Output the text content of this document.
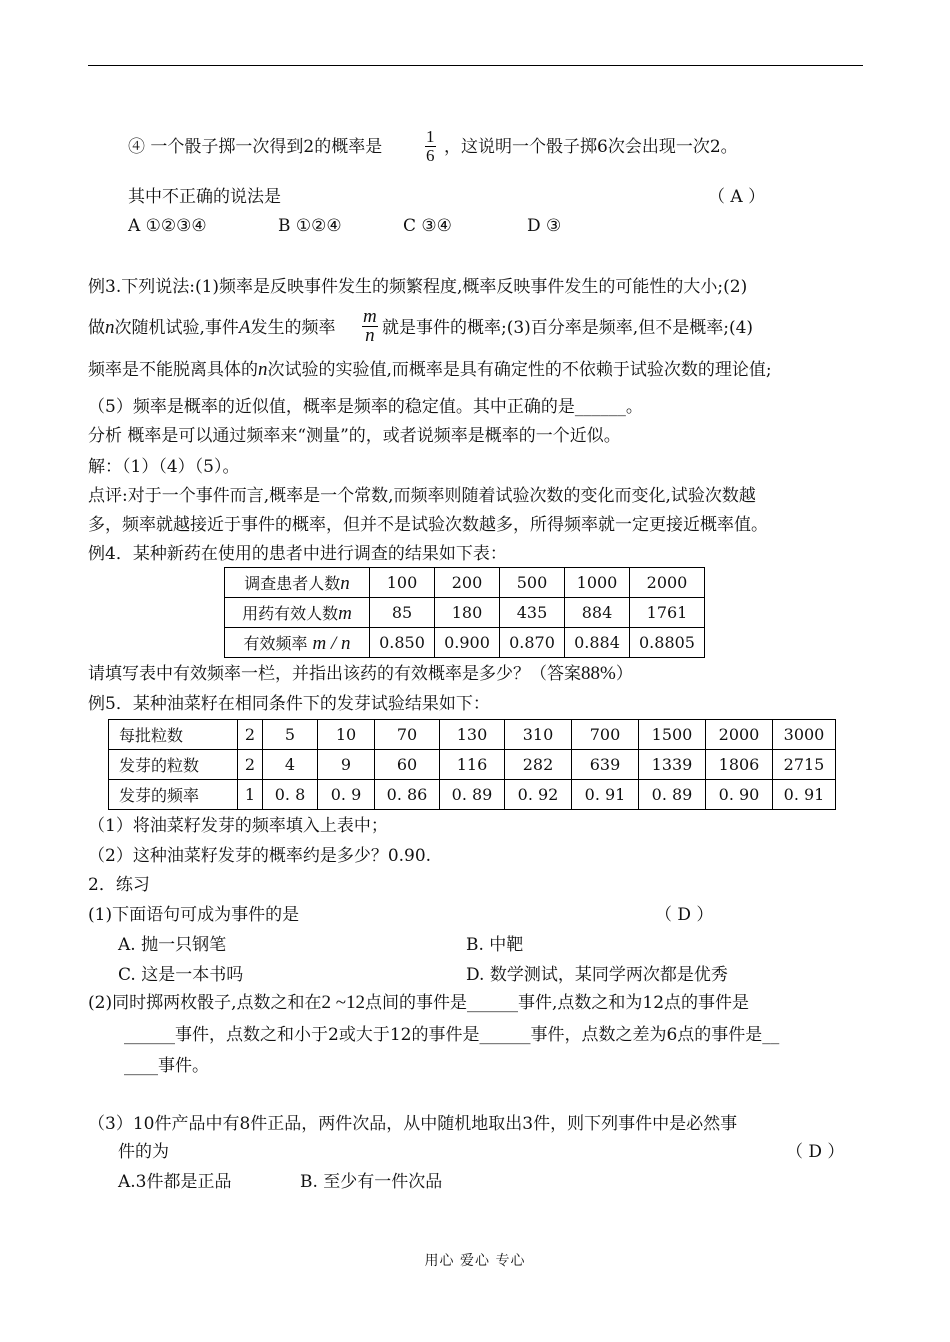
④ 一个骰子掷一次得到2的概率是	$\frac{1}{6}$ ，这说明一个骰子掷6次会出现一次2。
其中不正确的说法是	（ A ）
A ①②③④	B ①②④	C ③④	D ③
例3.下列说法:(1)频率是反映事件发生的频繁程度,概率反映事件发生的可能性的大小;(2)
做n次随机试验,事件A发生的频率 $\frac{m}{n}$ 就是事件的概率;(3)百分率是频率,但不是概率;(4)
频率是不能脱离具体的n次试验的实验值,而概率是具有确定性的不依赖于试验次数的理论值;
（5）频率是概率的近似值，概率是频率的稳定值。其中正确的是______。
分析 概率是可以通过频率来“测量”的，或者说频率是概率的一个近似。
解：（1）（4）（5）。
点评:对于一个事件而言,概率是一个常数,而频率则随着试验次数的变化而变化,试验次数越
多，频率就越接近于事件的概率，但并不是试验次数越多，所得频率就一定更接近概率值。
例4．某种新药在使用的患者中进行调查的结果如下表：
调查患者人数n	100	200	500	1000	2000
用药有效人数m	85	180	435	884	1761
有效频率 m / n	0.850	0.900	0.870	0.884	0.8805
请填写表中有效频率一栏，并指出该药的有效概率是多少？（答案88%）
例5．某种油菜籽在相同条件下的发芽试验结果如下：
每批粒数	2	5	10	70	130	310	700	1500	2000	3000
发芽的粒数	2	4	9	60	116	282	639	1339	1806	2715
发芽的频率	1	0. 8	0. 9	0. 86	0. 89	0. 92	0. 91	0. 89	0. 90	0. 91
（1）将油菜籽发芽的频率填入上表中；
（2）这种油菜籽发芽的概率约是多少？0.90.
2．练习
(1)下面语句可成为事件的是	（ D ）
A. 抛一只钢笔	B. 中靶
C. 这是一本书吗	D. 数学测试，某同学两次都是优秀
(2)同时掷两枚骰子,点数之和在2 ~12点间的事件是______事件,点数之和为12点的事件是
______事件，点数之和小于2或大于12的事件是______事件，点数之差为6点的事件是__
____事件。
（3）10件产品中有8件正品，两件次品，从中随机地取出3件，则下列事件中是必然事
件的为	（ D ）
A.3件都是正品	B. 至少有一件次品
用心 爱心 专心
